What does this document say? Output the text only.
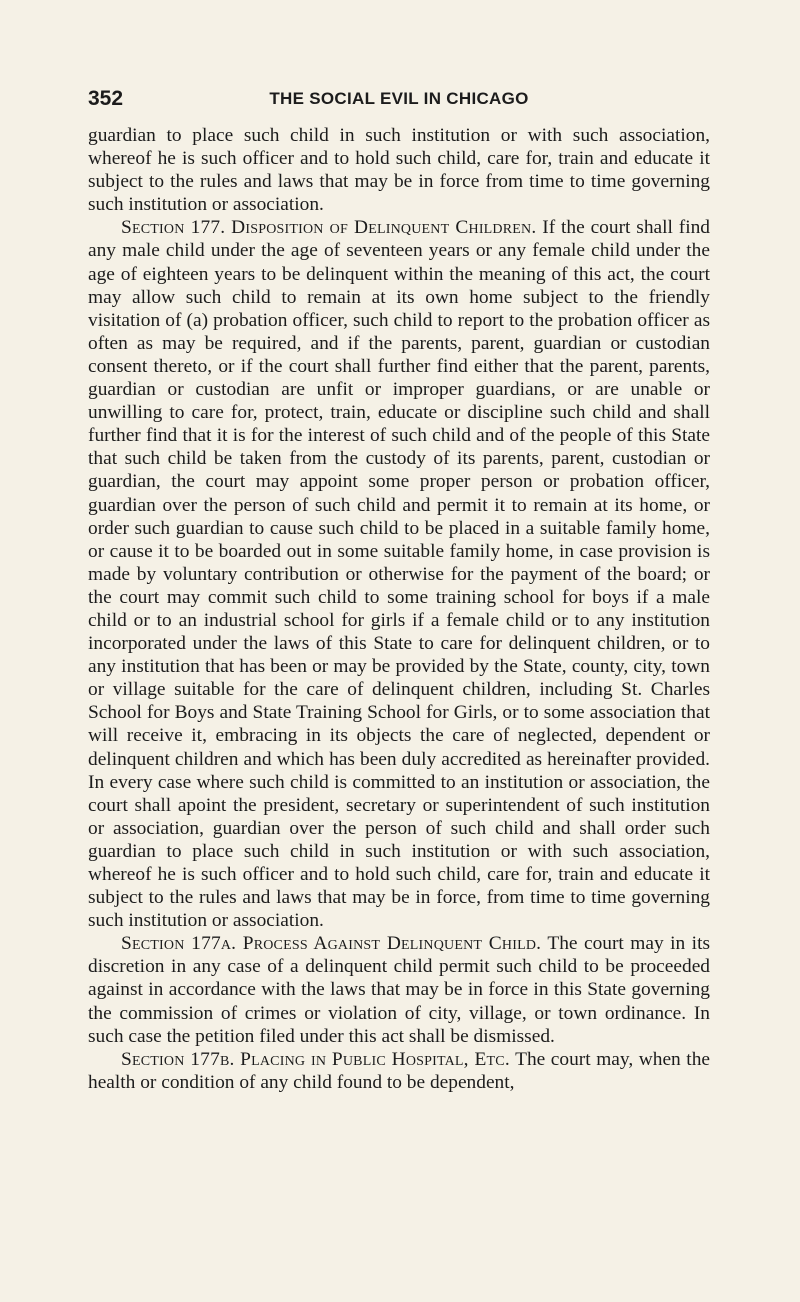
352	THE SOCIAL EVIL IN CHICAGO

guardian to place such child in such institution or with such association, whereof he is such officer and to hold such child, care for, train and educate it subject to the rules and laws that may be in force from time to time governing such institution or association.

Section 177. Disposition of Delinquent Children. If the court shall find any male child under the age of seventeen years or any female child under the age of eighteen years to be delinquent within the meaning of this act, the court may allow such child to remain at its own home subject to the friendly visitation of (a) probation officer, such child to report to the probation officer as often as may be required, and if the parents, parent, guardian or custodian consent thereto, or if the court shall further find either that the parent, parents, guardian or custodian are unfit or improper guardians, or are unable or unwilling to care for, protect, train, educate or discipline such child and shall further find that it is for the interest of such child and of the people of this State that such child be taken from the custody of its parents, parent, custodian or guardian, the court may appoint some proper person or probation officer, guardian over the person of such child and permit it to remain at its home, or order such guardian to cause such child to be placed in a suitable family home, or cause it to be boarded out in some suitable family home, in case provision is made by voluntary contribution or otherwise for the payment of the board; or the court may commit such child to some training school for boys if a male child or to an industrial school for girls if a female child or to any institution incorporated under the laws of this State to care for delinquent children, or to any institution that has been or may be provided by the State, county, city, town or village suitable for the care of delinquent children, including St. Charles School for Boys and State Training School for Girls, or to some association that will receive it, embracing in its objects the care of neglected, dependent or delinquent children and which has been duly accredited as hereinafter provided. In every case where such child is committed to an institution or association, the court shall apoint the president, secretary or superintendent of such institution or association, guardian over the person of such child and shall order such guardian to place such child in such institution or with such association, whereof he is such officer and to hold such child, care for, train and educate it subject to the rules and laws that may be in force, from time to time governing such institution or association.

Section 177a. Process Against Delinquent Child. The court may in its discretion in any case of a delinquent child permit such child to be proceeded against in accordance with the laws that may be in force in this State governing the commission of crimes or violation of city, village, or town ordinance. In such case the petition filed under this act shall be dismissed.

Section 177b. Placing in Public Hospital, Etc. The court may, when the health or condition of any child found to be dependent,
